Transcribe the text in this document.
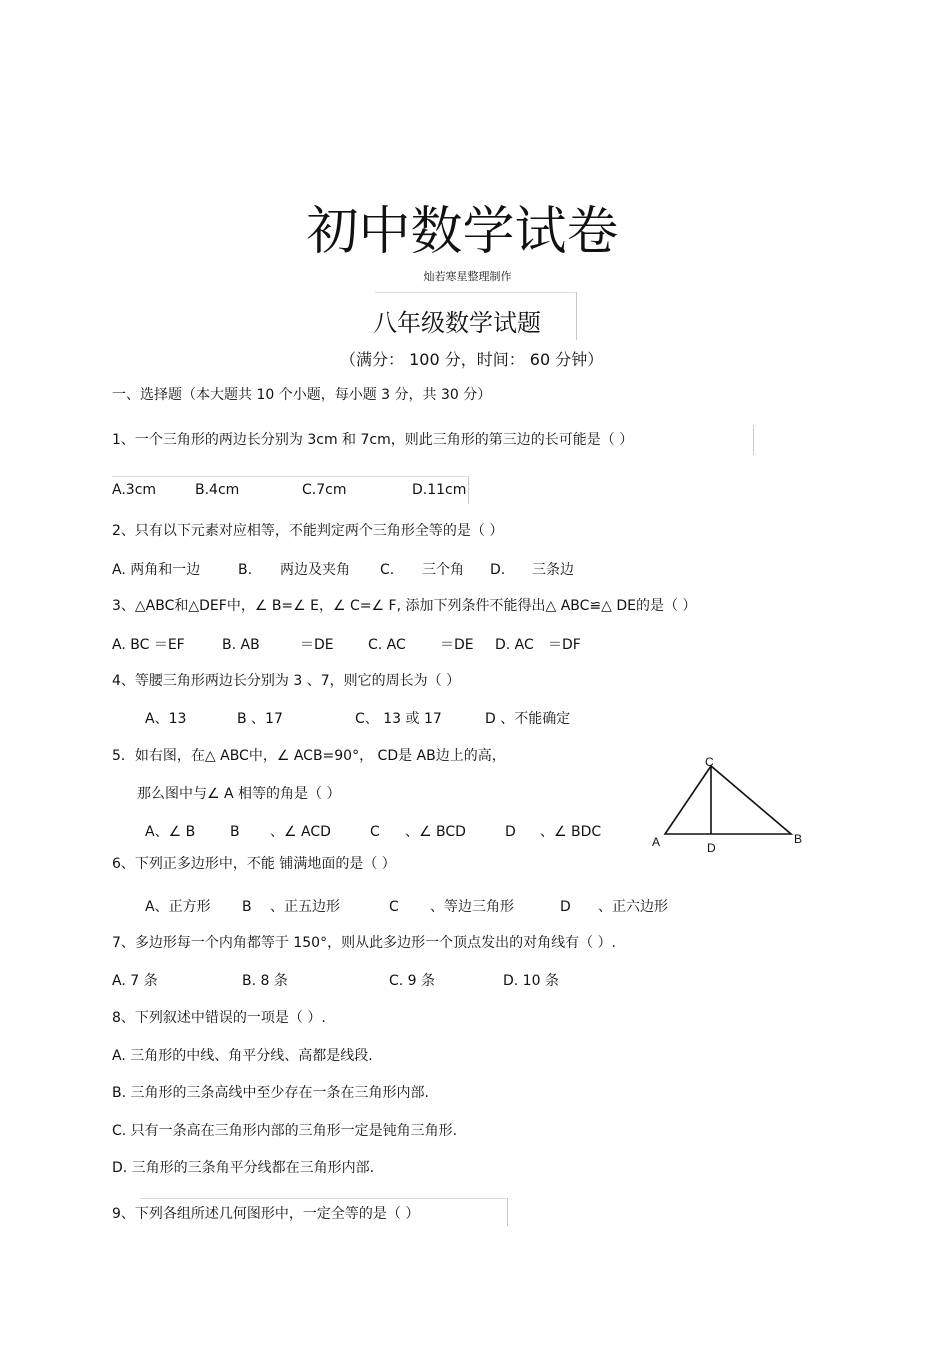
初中数学试卷
灿若寒星整理制作
八年级数学试题
（满分： 100 分，时间： 60 分钟）
一、选择题（本大题共 10 个小题，每小题 3 分，共 30 分）
1、一个三角形的两边长分别为 3cm 和 7cm，则此三角形的第三边的长可能是（ ）
A.3cm	B.4cm	C.7cm	D.11cm
2、只有以下元素对应相等，不能判定两个三角形全等的是（ ）
A. 两角和一边	B. 两边及夹角 C. 三个角 D. 三条边
3、△ABC和△DEF中，∠ B=∠ E，∠ C=∠ F, 添加下列条件不能得出△ ABC≌△ DE的是（ ）
A. BC ＝EF	B. AB	＝DE C. AC ＝DE D. AC ＝DF
4、等腰三角形两边长分别为 3 、7，则它的周长为（ ）
A、13	B 、17	C、 13 或 17	D 、不能确定
5．如右图，在△ ABC中，∠ ACB=90°， CD是 AB边上的高，
那么图中与∠ A 相等的角是（ ）
A、∠ B B 、∠ ACD	C 、∠ BCD	D 、∠ BDC
C
A	B
D
6、下列正多边形中，不能 铺满地面的是（ ）
A、正方形 B 、正五边形	C 、等边三角形	D 、正六边形
7、多边形每一个内角都等于 150°，则从此多边形一个顶点发出的对角线有（ ）.
A. 7 条	B. 8 条	C. 9 条	D. 10 条
8、下列叙述中错误的一项是（ ）.
A. 三角形的中线、角平分线、高都是线段.
B. 三角形的三条高线中至少存在一条在三角形内部.
C. 只有一条高在三角形内部的三角形一定是钝角三角形.
D. 三角形的三条角平分线都在三角形内部.
9、下列各组所述几何图形中，一定全等的是（ ）
